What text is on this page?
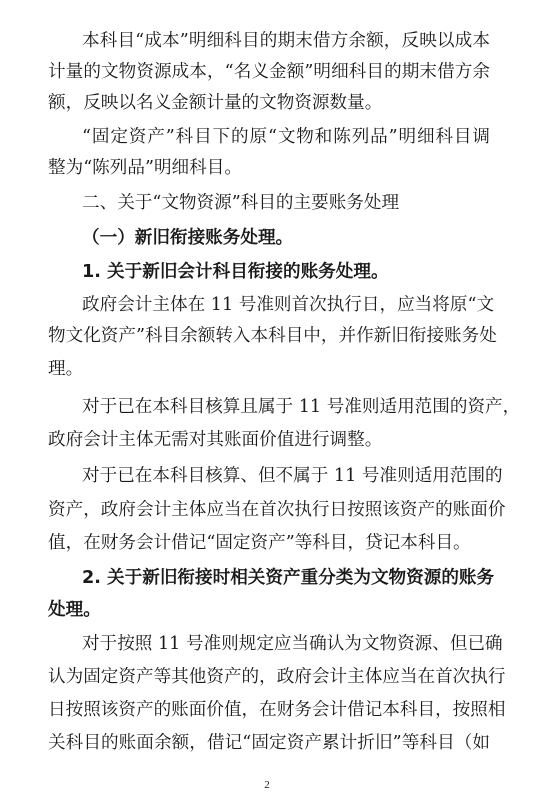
本科目“成本”明细科目的期末借方余额，反映以成本
计量的文物资源成本，“名义金额”明细科目的期末借方余
额，反映以名义金额计量的文物资源数量。
“固定资产”科目下的原“文物和陈列品”明细科目调
整为“陈列品”明细科目。
二、关于“文物资源”科目的主要账务处理
（一）新旧衔接账务处理。
1. 关于新旧会计科目衔接的账务处理。
政府会计主体在 11 号准则首次执行日，应当将原“文
物文化资产”科目余额转入本科目中，并作新旧衔接账务处
理。
对于已在本科目核算且属于 11 号准则适用范围的资产，
政府会计主体无需对其账面价值进行调整。
对于已在本科目核算、但不属于 11 号准则适用范围的
资产，政府会计主体应当在首次执行日按照该资产的账面价
值，在财务会计借记“固定资产”等科目，贷记本科目。
2. 关于新旧衔接时相关资产重分类为文物资源的账务
处理。
对于按照 11 号准则规定应当确认为文物资源、但已确
认为固定资产等其他资产的，政府会计主体应当在首次执行
日按照该资产的账面价值，在财务会计借记本科目，按照相
关科目的账面余额，借记“固定资产累计折旧”等科目（如
2
